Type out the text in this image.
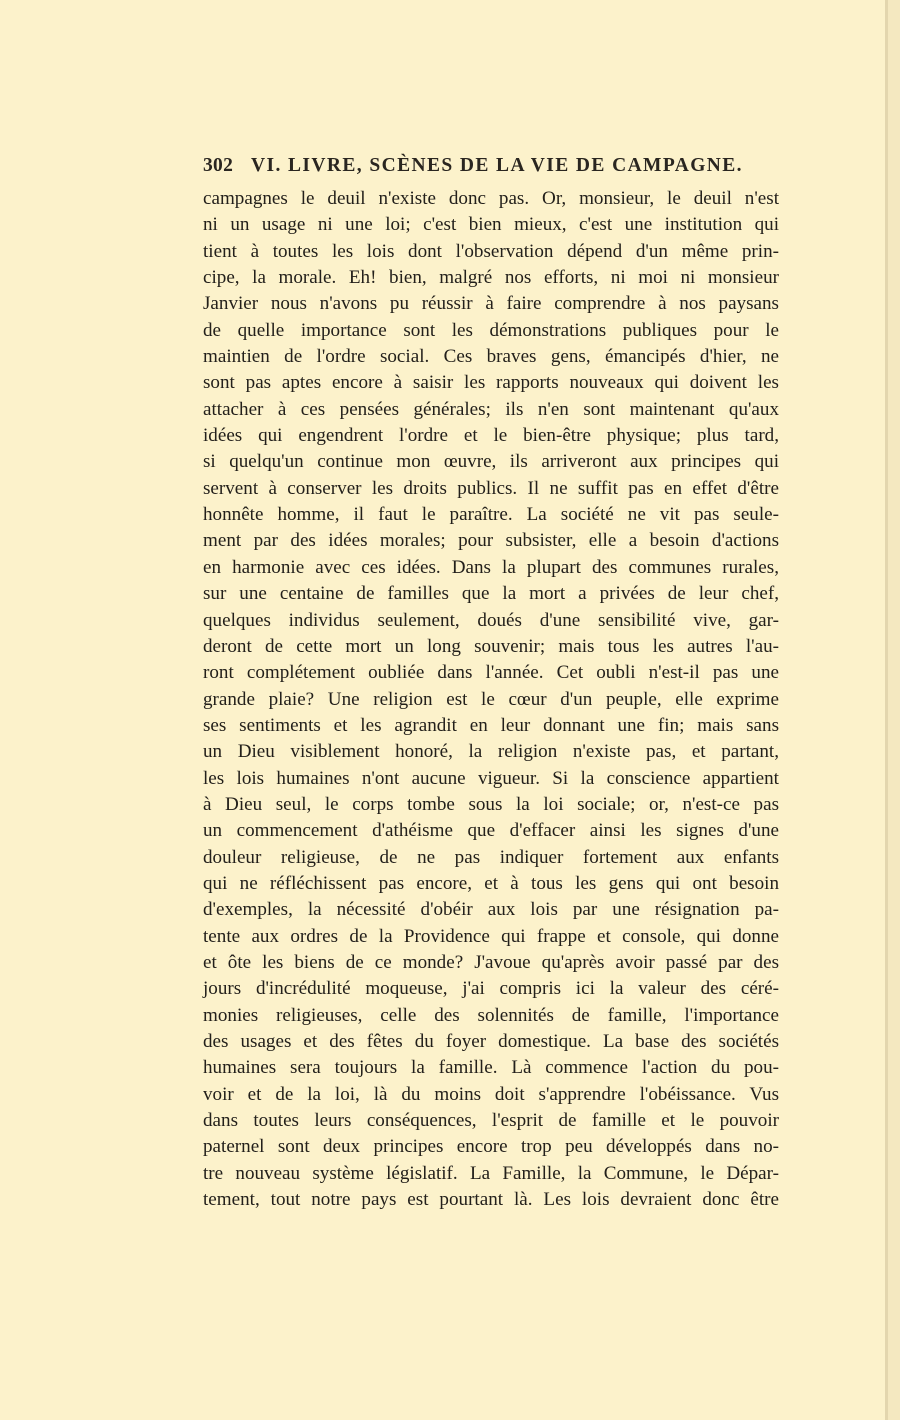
302 VI. LIVRE, SCÈNES DE LA VIE DE CAMPAGNE.
campagnes le deuil n'existe donc pas. Or, monsieur, le deuil n'est
ni un usage ni une loi; c'est bien mieux, c'est une institution qui
tient à toutes les lois dont l'observation dépend d'un même prin-
cipe, la morale. Eh! bien, malgré nos efforts, ni moi ni monsieur
Janvier nous n'avons pu réussir à faire comprendre à nos paysans
de quelle importance sont les démonstrations publiques pour le
maintien de l'ordre social. Ces braves gens, émancipés d'hier, ne
sont pas aptes encore à saisir les rapports nouveaux qui doivent les
attacher à ces pensées générales; ils n'en sont maintenant qu'aux
idées qui engendrent l'ordre et le bien-être physique; plus tard,
si quelqu'un continue mon œuvre, ils arriveront aux principes qui
servent à conserver les droits publics. Il ne suffit pas en effet d'être
honnête homme, il faut le paraître. La société ne vit pas seule-
ment par des idées morales; pour subsister, elle a besoin d'actions
en harmonie avec ces idées. Dans la plupart des communes rurales,
sur une centaine de familles que la mort a privées de leur chef,
quelques individus seulement, doués d'une sensibilité vive, gar-
deront de cette mort un long souvenir; mais tous les autres l'au-
ront complétement oubliée dans l'année. Cet oubli n'est-il pas une
grande plaie? Une religion est le cœur d'un peuple, elle exprime
ses sentiments et les agrandit en leur donnant une fin; mais sans
un Dieu visiblement honoré, la religion n'existe pas, et partant,
les lois humaines n'ont aucune vigueur. Si la conscience appartient
à Dieu seul, le corps tombe sous la loi sociale; or, n'est-ce pas
un commencement d'athéisme que d'effacer ainsi les signes d'une
douleur religieuse, de ne pas indiquer fortement aux enfants
qui ne réfléchissent pas encore, et à tous les gens qui ont besoin
d'exemples, la nécessité d'obéir aux lois par une résignation pa-
tente aux ordres de la Providence qui frappe et console, qui donne
et ôte les biens de ce monde? J'avoue qu'après avoir passé par des
jours d'incrédulité moqueuse, j'ai compris ici la valeur des céré-
monies religieuses, celle des solennités de famille, l'importance
des usages et des fêtes du foyer domestique. La base des sociétés
humaines sera toujours la famille. Là commence l'action du pou-
voir et de la loi, là du moins doit s'apprendre l'obéissance. Vus
dans toutes leurs conséquences, l'esprit de famille et le pouvoir
paternel sont deux principes encore trop peu développés dans no-
tre nouveau système législatif. La Famille, la Commune, le Dépar-
tement, tout notre pays est pourtant là. Les lois devraient donc être
